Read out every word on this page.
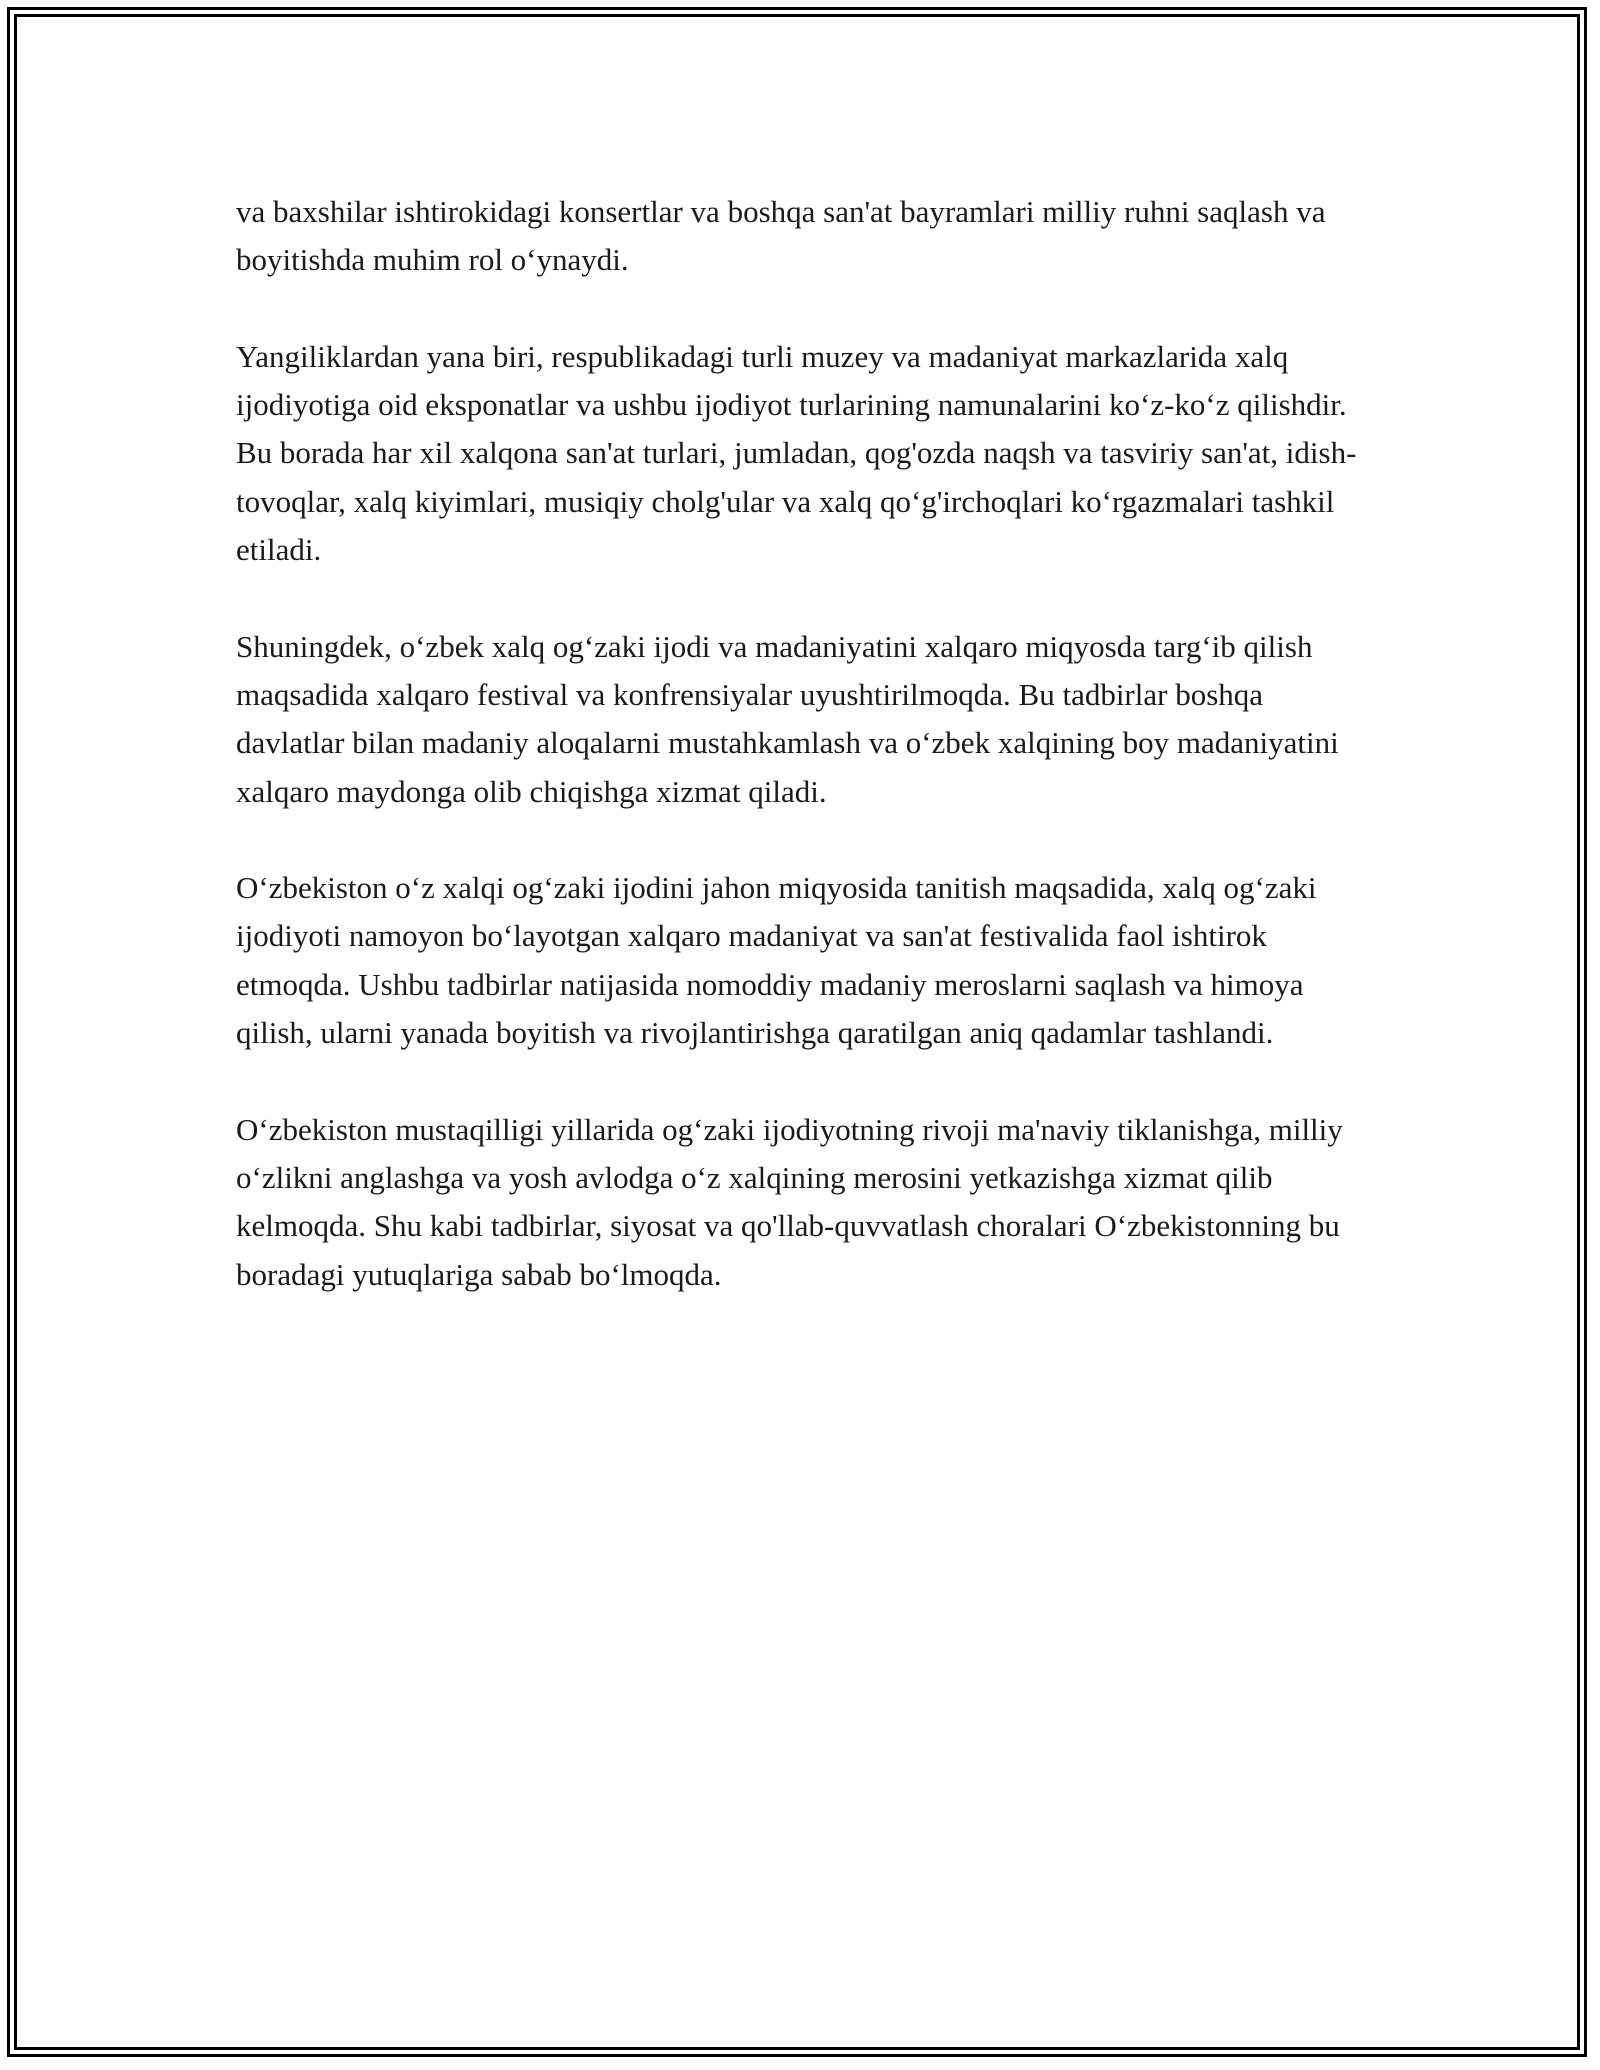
va baxshilar ishtirokidagi konsertlar va boshqa san'at bayramlari milliy ruhni saqlash va boyitishda muhim rol o‘ynaydi.

Yangiliklardan yana biri, respublikadagi turli muzey va madaniyat markazlarida xalq ijodiyotiga oid eksponatlar va ushbu ijodiyot turlarining namunalarini ko‘z-ko‘z qilishdir. Bu borada har xil xalqona san'at turlari, jumladan, qog'ozda naqsh va tasviriy san'at, idish-tovoqlar, xalq kiyimlari, musiqiy cholg'ular va xalq qo‘g'irchoqlari ko‘rgazmalari tashkil etiladi.

Shuningdek, o‘zbek xalq og‘zaki ijodi va madaniyatini xalqaro miqyosda targ‘ib qilish maqsadida xalqaro festival va konfrensiyalar uyushtirilmoqda. Bu tadbirlar boshqa davlatlar bilan madaniy aloqalarni mustahkamlash va o‘zbek xalqining boy madaniyatini xalqaro maydonga olib chiqishga xizmat qiladi.

O‘zbekiston o‘z xalqi og‘zaki ijodini jahon miqyosida tanitish maqsadida, xalq og‘zaki ijodiyoti namoyon bo‘layotgan xalqaro madaniyat va san'at festivalida faol ishtirok etmoqda. Ushbu tadbirlar natijasida nomoddiy madaniy meroslarni saqlash va himoya qilish, ularni yanada boyitish va rivojlantirishga qaratilgan aniq qadamlar tashlandi.

O‘zbekiston mustaqilligi yillarida og‘zaki ijodiyotning rivoji ma'naviy tiklanishga, milliy o‘zlikni anglashga va yosh avlodga o‘z xalqining merosini yetkazishga xizmat qilib kelmoqda. Shu kabi tadbirlar, siyosat va qo'llab-quvvatlash choralari O‘zbekistonning bu boradagi yutuqlariga sabab bo‘lmoqda.
